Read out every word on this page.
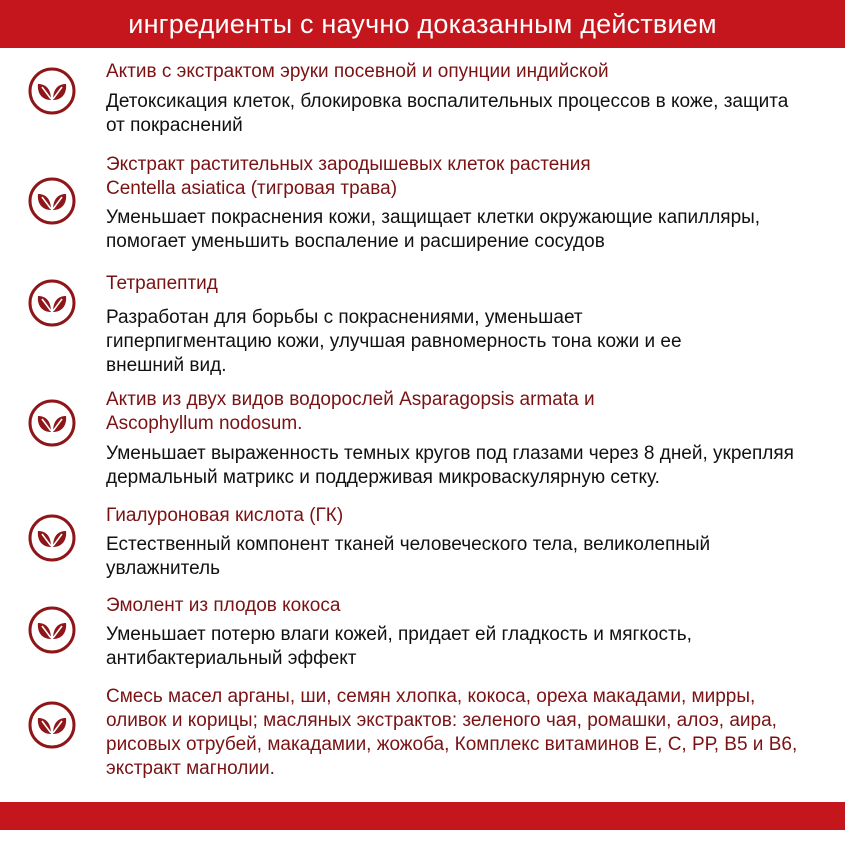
ингредиенты с научно доказанным действием

Актив с экстрактом эруки посевной и опунции индийской

Детоксикация клеток, блокировка воспалительных процессов в коже, защита от покраснений

Экстракт растительных зародышевых клеток растения Centella asiatica (тигровая трава)

Уменьшает покраснения кожи, защищает клетки окружающие капилляры, помогает уменьшить воспаление и расширение сосудов

Тетрапептид

Разработан для борьбы с покраснениями, уменьшает гиперпигментацию кожи, улучшая равномерность тона кожи и ее внешний вид.

Актив из двух видов водорослей Asparagopsis armata и Ascophyllum nodosum.

Уменьшает выраженность темных кругов под глазами через 8 дней, укрепляя дермальный матрикс и поддерживая микроваскулярную сетку.

Гиалуроновая кислота (ГК)

Естественный компонент тканей человеческого тела, великолепный увлажнитель

Эмолент из плодов кокоса

Уменьшает потерю влаги кожей, придает ей гладкость и мягкость, антибактериальный эффект

Смесь масел арганы, ши, семян хлопка, кокоса, ореха макадами, мирры, оливок и корицы; масляных экстрактов: зеленого чая, ромашки, алоэ, аира, рисовых отрубей, макадамии, жожоба, Комплекс витаминов Е, С, РР, В5 и В6, экстракт магнолии.
